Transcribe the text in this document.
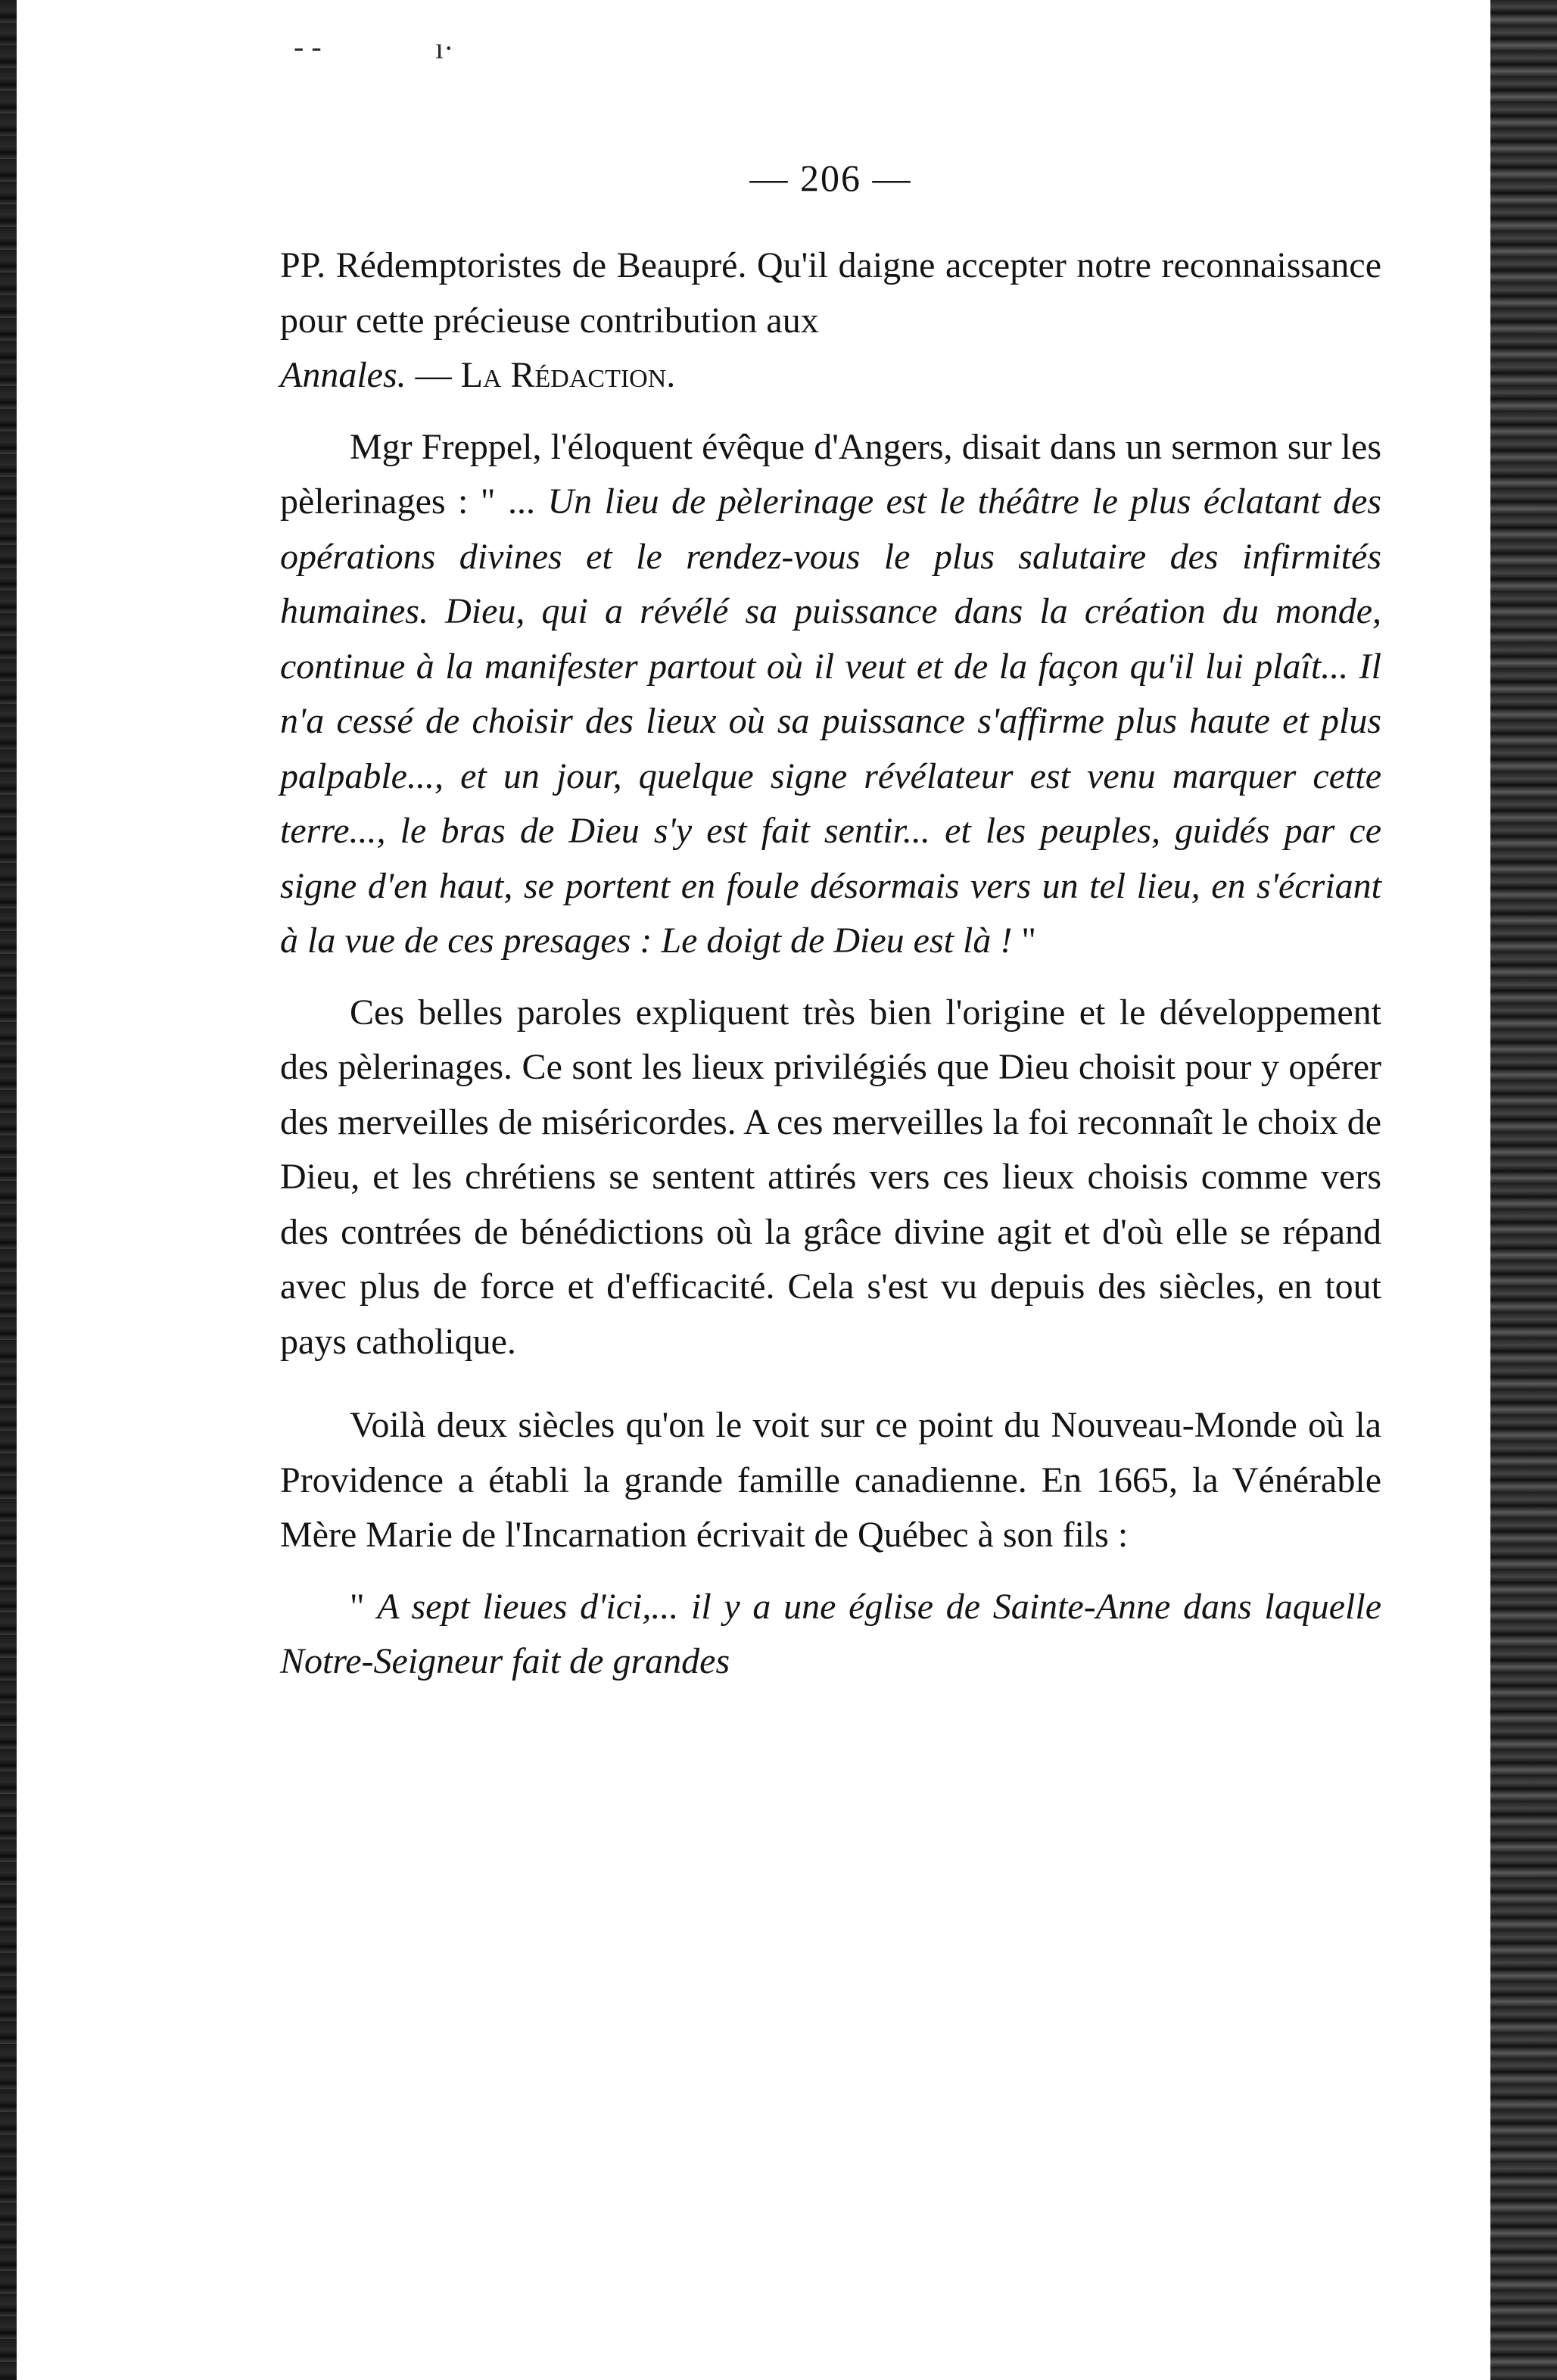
- -	ı·
— 206 —

PP. Rédemptoristes de Beaupré. Qu'il daigne accepter notre reconnaissance pour cette précieuse contribution aux
Annales. — La Rédaction.

Mgr Freppel, l'éloquent évêque d'Angers, disait dans un sermon sur les pèlerinages : " ... Un lieu de pèlerinage est le théâtre le plus éclatant des opérations divines et le rendez-vous le plus salutaire des infirmités humaines. Dieu, qui a révélé sa puissance dans la création du monde, continue à la manifester partout où il veut et de la façon qu'il lui plaît... Il n'a cessé de choisir des lieux où sa puissance s'affirme plus haute et plus palpable..., et un jour, quelque signe révélateur est venu marquer cette terre..., le bras de Dieu s'y est fait sentir... et les peuples, guidés par ce signe d'en haut, se portent en foule désormais vers un tel lieu, en s'écriant à la vue de ces presages : Le doigt de Dieu est là ! "

Ces belles paroles expliquent très bien l'origine et le développement des pèlerinages. Ce sont les lieux privilégiés que Dieu choisit pour y opérer des merveilles de miséricordes. A ces merveilles la foi reconnaît le choix de Dieu, et les chrétiens se sentent attirés vers ces lieux choisis comme vers des contrées de bénédictions où la grâce divine agit et d'où elle se répand avec plus de force et d'efficacité. Cela s'est vu depuis des siècles, en tout pays catholique.

Voilà deux siècles qu'on le voit sur ce point du Nouveau-Monde où la Providence a établi la grande famille canadienne. En 1665, la Vénérable Mère Marie de l'Incarnation écrivait de Québec à son fils :

" A sept lieues d'ici,... il y a une église de Sainte-Anne dans laquelle Notre-Seigneur fait de grandes
